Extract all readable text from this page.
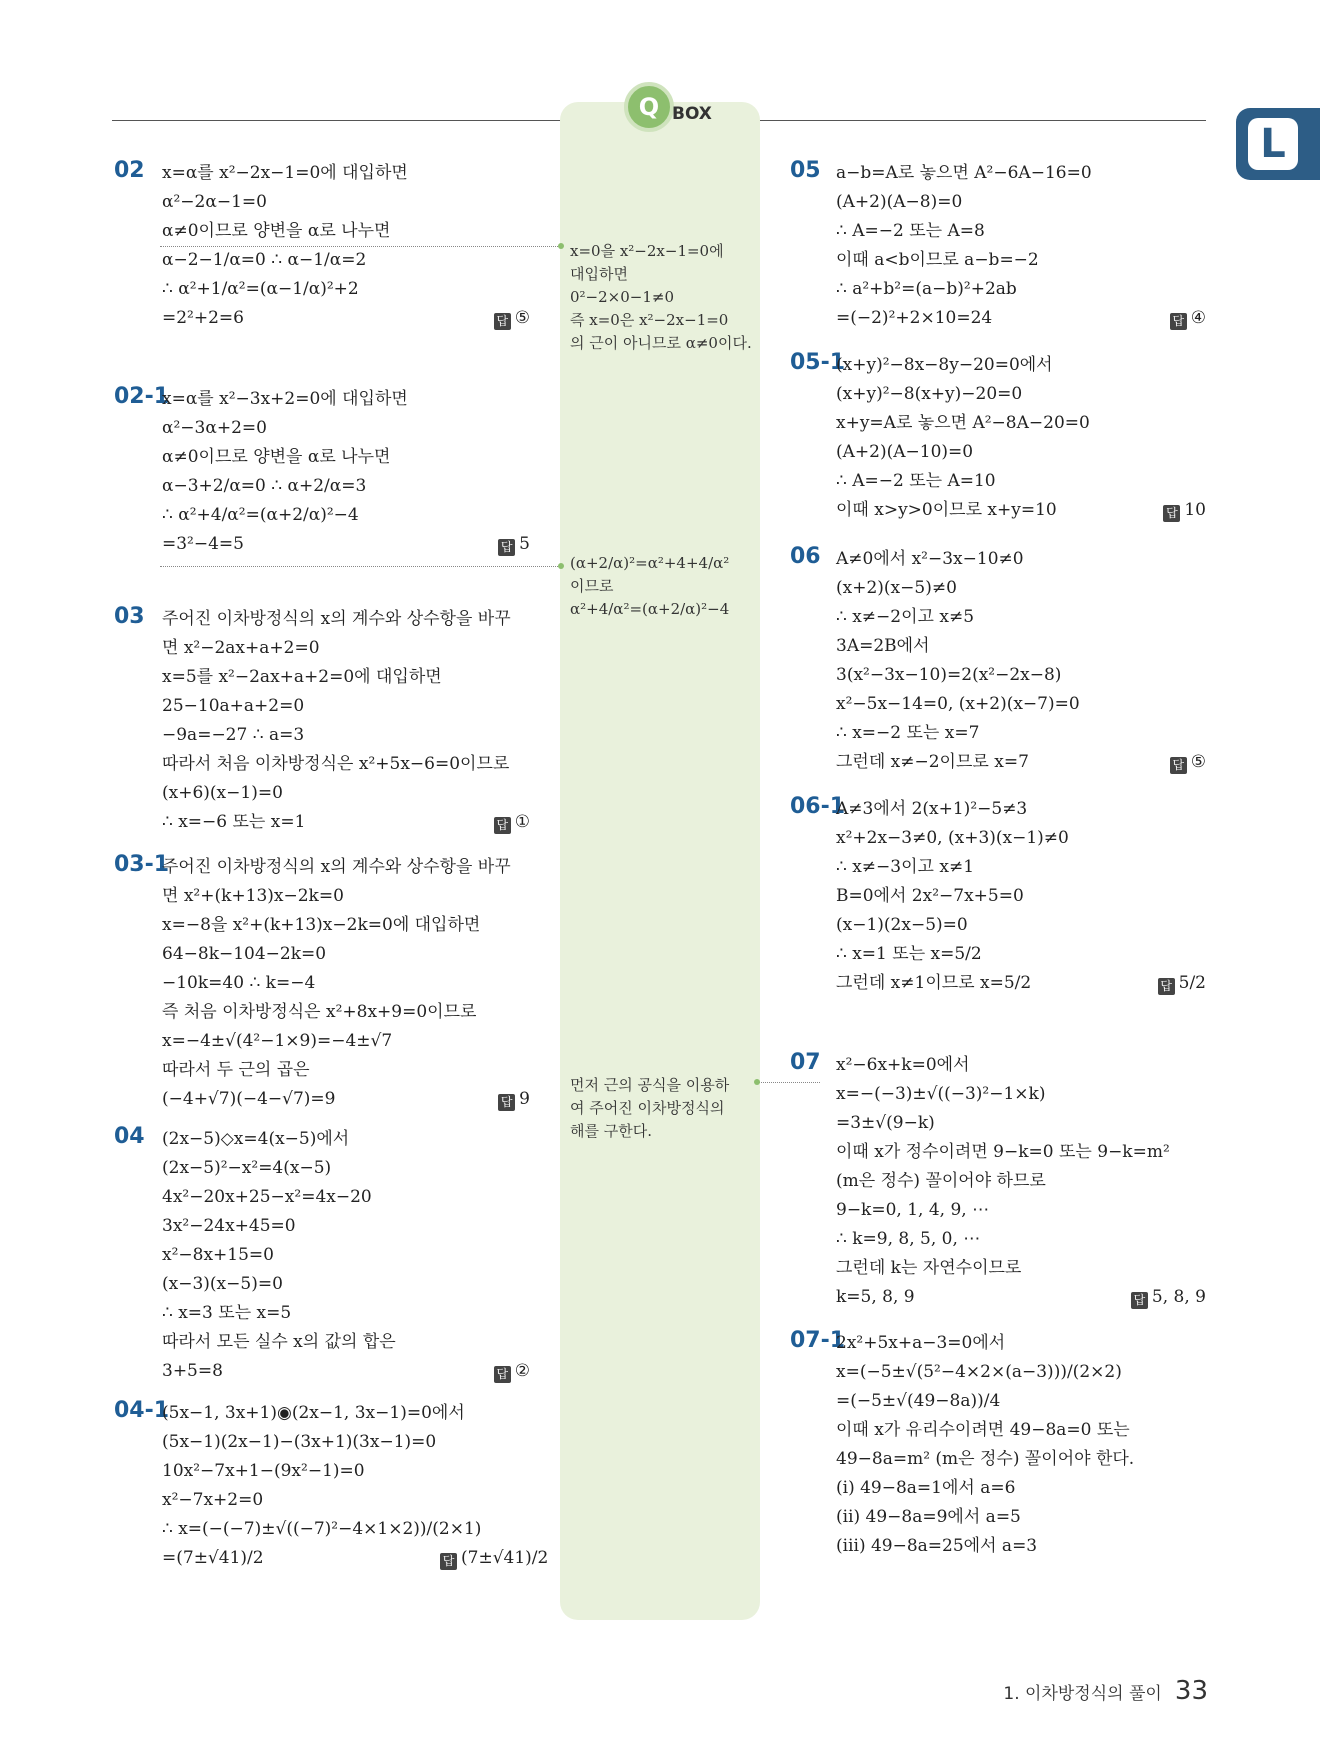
Q BOX
L
02 x=α를 x²−2x−1=0에 대입하면
α²−2α−1=0
α≠0이므로 양변을 α로 나누면
α−2−1/α=0 ∴ α−1/α=2
∴ α²+1/α²=(α−1/α)²+2
=2²+2=6	답 ⑤
02-1
x=α를 x²−3x+2=0에 대입하면
α²−3α+2=0
α≠0이므로 양변을 α로 나누면
α−3+2/α=0 ∴ α+2/α=3
∴ α²+4/α²=(α+2/α)²−4
=3²−4=5	답 5
03 주어진 이차방정식의 x의 계수와 상수항을 바꾸
면 x²−2ax+a+2=0
x=5를 x²−2ax+a+2=0에 대입하면
25−10a+a+2=0
−9a=−27 ∴ a=3
따라서 처음 이차방정식은 x²+5x−6=0이므로
(x+6)(x−1)=0
∴ x=−6 또는 x=1	답 ①
03-1
주어진 이차방정식의 x의 계수와 상수항을 바꾸
면 x²+(k+13)x−2k=0
x=−8을 x²+(k+13)x−2k=0에 대입하면
64−8k−104−2k=0
−10k=40 ∴ k=−4
즉 처음 이차방정식은 x²+8x+9=0이므로
x=−4±√(4²−1×9)=−4±√7
따라서 두 근의 곱은
(−4+√7)(−4−√7)=9	답 9
04 (2x−5)◇x=4(x−5)에서
(2x−5)²−x²=4(x−5)
4x²−20x+25−x²=4x−20
3x²−24x+45=0
x²−8x+15=0
(x−3)(x−5)=0
∴ x=3 또는 x=5
따라서 모든 실수 x의 값의 합은
3+5=8	답 ②
04-1
(5x−1, 3x+1)◉(2x−1, 3x−1)=0에서
(5x−1)(2x−1)−(3x+1)(3x−1)=0
10x²−7x+1−(9x²−1)=0
x²−7x+2=0
∴ x=(−(−7)±√((−7)²−4×1×2))/(2×1)
=(7±√41)/2	답 (7±√41)/2
x=0을 x²−2x−1=0에
대입하면
0²−2×0−1≠0
즉 x=0은 x²−2x−1=0
의 근이 아니므로 α≠0이다.
(α+2/α)²=α²+4+4/α²
이므로
α²+4/α²=(α+2/α)²−4
먼저 근의 공식을 이용하
여 주어진 이차방정식의
해를 구한다.
05 a−b=A로 놓으면 A²−6A−16=0
(A+2)(A−8)=0
∴ A=−2 또는 A=8
이때 a<b이므로 a−b=−2
∴ a²+b²=(a−b)²+2ab
=(−2)²+2×10=24	답 ④
05-1
(x+y)²−8x−8y−20=0에서
(x+y)²−8(x+y)−20=0
x+y=A로 놓으면 A²−8A−20=0
(A+2)(A−10)=0
∴ A=−2 또는 A=10
이때 x>y>0이므로 x+y=10	답 10
06 A≠0에서 x²−3x−10≠0
(x+2)(x−5)≠0
∴ x≠−2이고 x≠5
3A=2B에서
3(x²−3x−10)=2(x²−2x−8)
x²−5x−14=0, (x+2)(x−7)=0
∴ x=−2 또는 x=7
그런데 x≠−2이므로 x=7	답 ⑤
06-1
A≠3에서 2(x+1)²−5≠3
x²+2x−3≠0, (x+3)(x−1)≠0
∴ x≠−3이고 x≠1
B=0에서 2x²−7x+5=0
(x−1)(2x−5)=0
∴ x=1 또는 x=5/2
그런데 x≠1이므로 x=5/2	답 5/2
07 x²−6x+k=0에서
x=−(−3)±√((−3)²−1×k)
=3±√(9−k)
이때 x가 정수이려면 9−k=0 또는 9−k=m²
(m은 정수) 꼴이어야 하므로
9−k=0, 1, 4, 9, ⋯
∴ k=9, 8, 5, 0, ⋯
그런데 k는 자연수이므로
k=5, 8, 9	답 5, 8, 9
07-1
2x²+5x+a−3=0에서
x=(−5±√(5²−4×2×(a−3)))/(2×2)
=(−5±√(49−8a))/4
이때 x가 유리수이려면 49−8a=0 또는
49−8a=m² (m은 정수) 꼴이어야 한다.
(ⅰ) 49−8a=1에서 a=6
(ⅱ) 49−8a=9에서 a=5
(ⅲ) 49−8a=25에서 a=3
1. 이차방정식의 풀이 33
